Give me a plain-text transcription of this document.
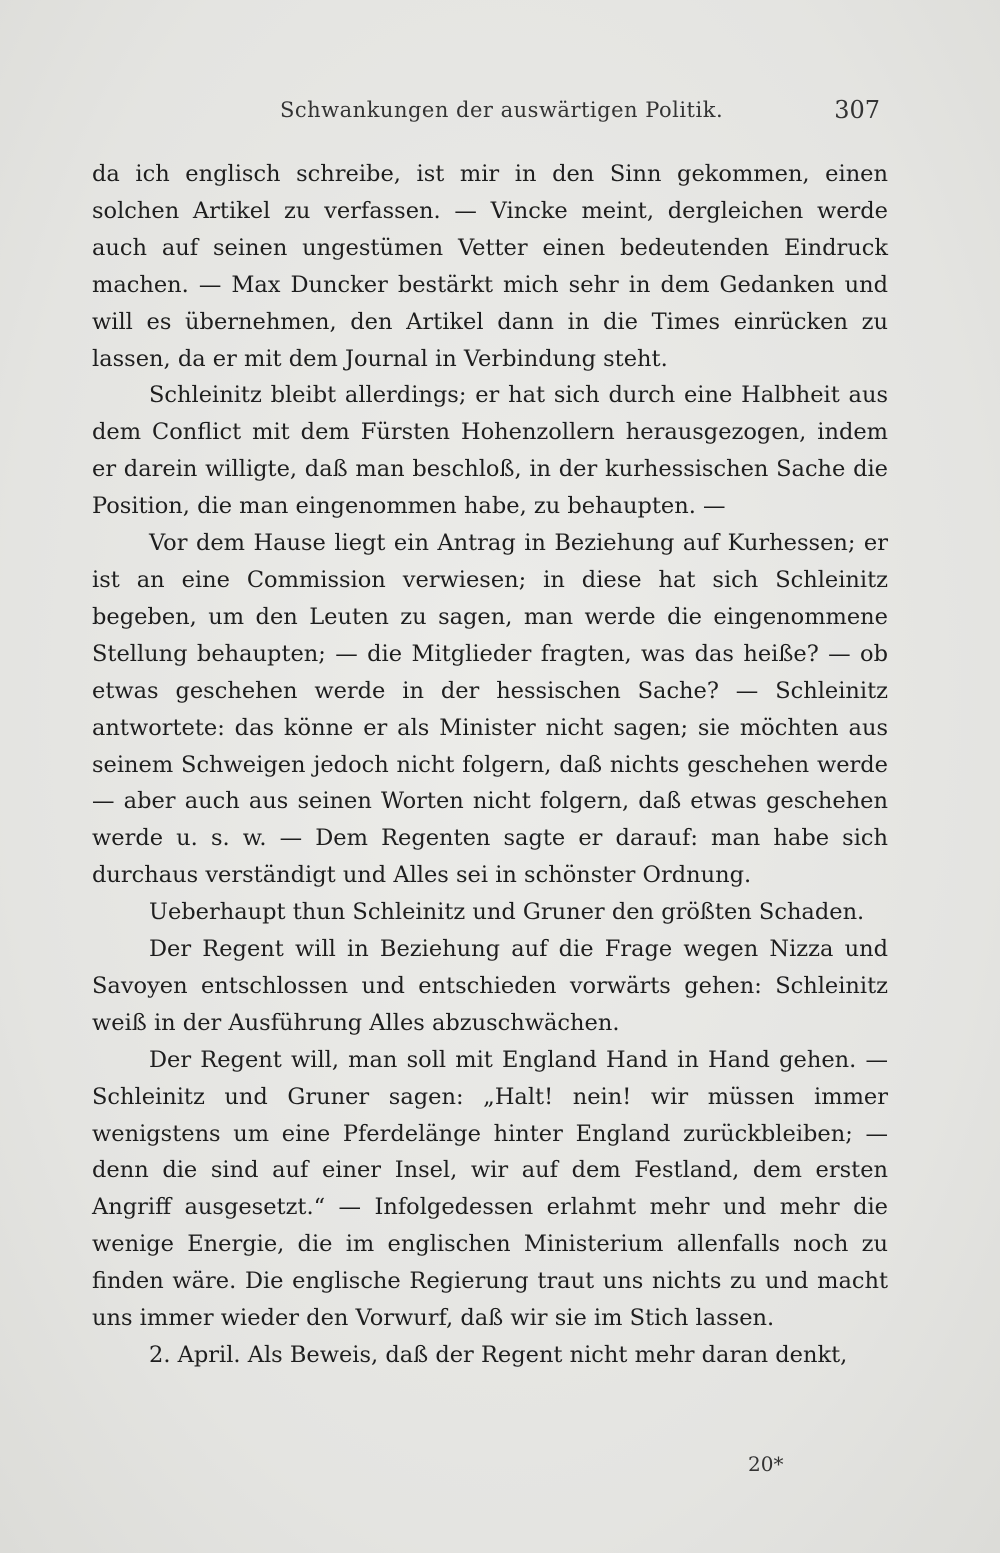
Schwankungen der auswärtigen Politik.	307

da ich englisch schreibe, ist mir in den Sinn gekommen, einen solchen Artikel zu verfassen. — Vincke meint, dergleichen werde auch auf seinen ungestümen Vetter einen bedeutenden Eindruck machen. — Max Duncker bestärkt mich sehr in dem Gedanken und will es übernehmen, den Artikel dann in die Times einrücken zu lassen, da er mit dem Journal in Verbindung steht.

Schleinitz bleibt allerdings; er hat sich durch eine Halbheit aus dem Conflict mit dem Fürsten Hohenzollern herausgezogen, indem er darein willigte, daß man beschloß, in der kurhessischen Sache die Position, die man eingenommen habe, zu behaupten. —

Vor dem Hause liegt ein Antrag in Beziehung auf Kurhessen; er ist an eine Commission verwiesen; in diese hat sich Schleinitz begeben, um den Leuten zu sagen, man werde die eingenommene Stellung behaupten; — die Mitglieder fragten, was das heiße? — ob etwas geschehen werde in der hessischen Sache? — Schleinitz antwortete: das könne er als Minister nicht sagen; sie möchten aus seinem Schweigen jedoch nicht folgern, daß nichts geschehen werde — aber auch aus seinen Worten nicht folgern, daß etwas geschehen werde u. s. w. — Dem Regenten sagte er darauf: man habe sich durchaus verständigt und Alles sei in schönster Ordnung.

Ueberhaupt thun Schleinitz und Gruner den größten Schaden.

Der Regent will in Beziehung auf die Frage wegen Nizza und Savoyen entschlossen und entschieden vorwärts gehen: Schleinitz weiß in der Ausführung Alles abzuschwächen.

Der Regent will, man soll mit England Hand in Hand gehen. — Schleinitz und Gruner sagen: „Halt! nein! wir müssen immer wenigstens um eine Pferdelänge hinter England zurückbleiben; — denn die sind auf einer Insel, wir auf dem Festland, dem ersten Angriff ausgesetzt.“ — Infolgedessen erlahmt mehr und mehr die wenige Energie, die im englischen Ministerium allenfalls noch zu finden wäre. Die englische Regierung traut uns nichts zu und macht uns immer wieder den Vorwurf, daß wir sie im Stich lassen.

2. April. Als Beweis, daß der Regent nicht mehr daran denkt,

20*
